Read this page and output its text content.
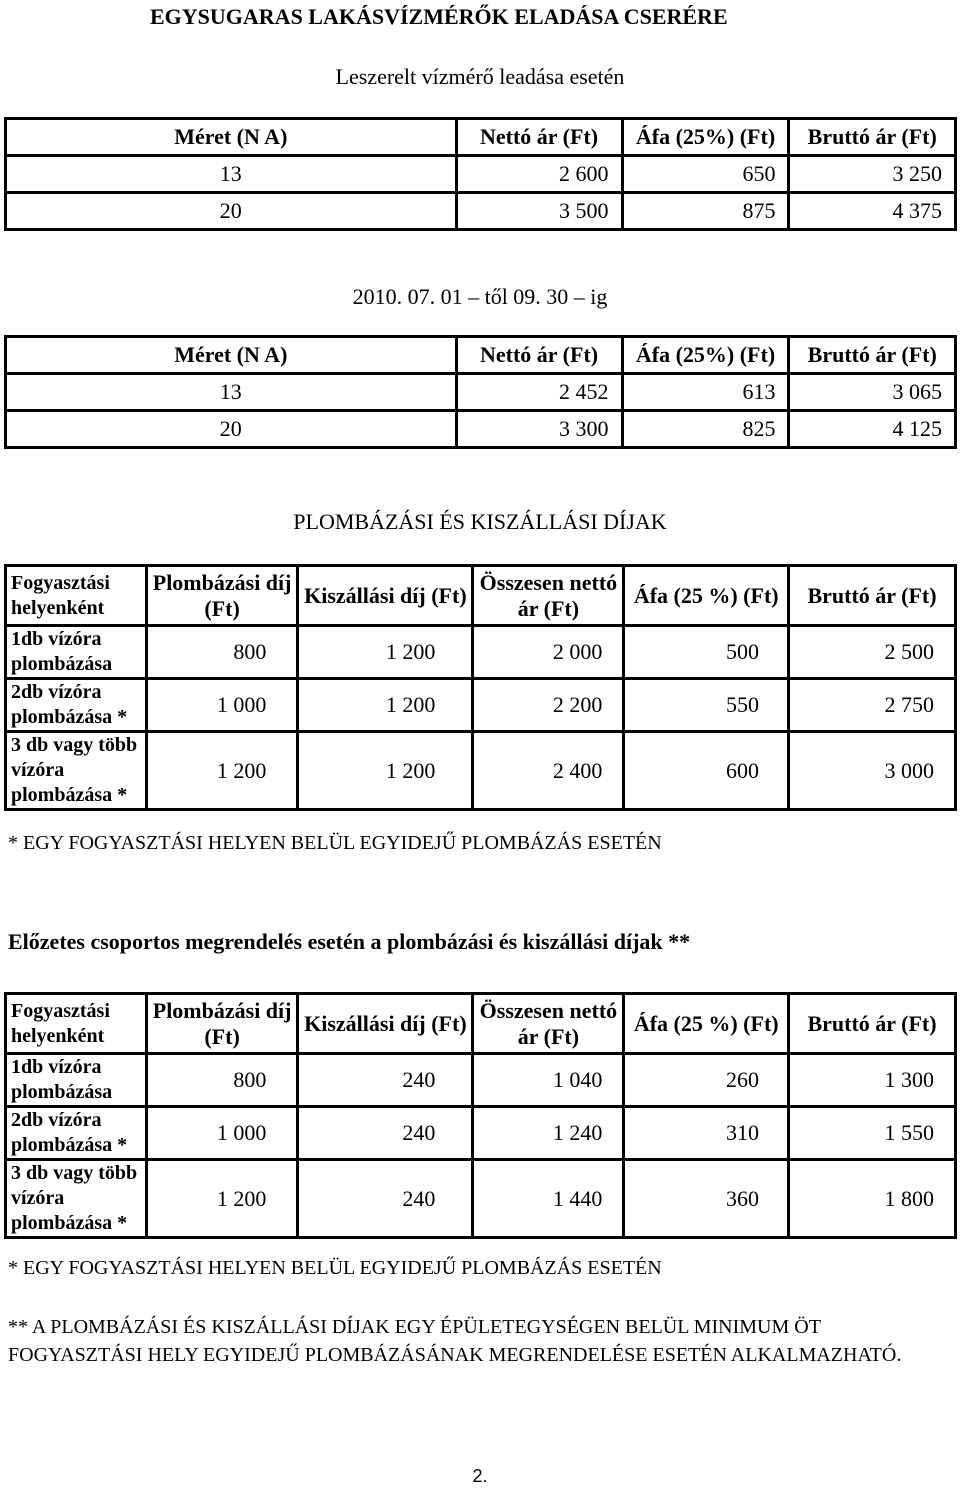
EGYSUGARAS LAKÁSVÍZMÉRŐK ELADÁSA CSERÉRE
Leszerelt vízmérő leadása esetén
Méret (N A)	Nettó ár (Ft)	Áfa (25%) (Ft)	Bruttó ár (Ft)
13	2 600	650	3 250
20	3 500	875	4 375
2010. 07. 01 – től 09. 30 – ig
Méret (N A)	Nettó ár (Ft)	Áfa (25%) (Ft)	Bruttó ár (Ft)
13	2 452	613	3 065
20	3 300	825	4 125
PLOMBÁZÁSI ÉS KISZÁLLÁSI DÍJAK
Fogyasztási helyenként	Plombázási díj (Ft)	Kiszállási díj (Ft)	Összesen nettó ár (Ft)	Áfa (25 %) (Ft)	Bruttó ár (Ft)
1db vízóra plombázása	800	1 200	2 000	500	2 500
2db vízóra plombázása *	1 000	1 200	2 200	550	2 750
3 db vagy több vízóra plombázása *	1 200	1 200	2 400	600	3 000
* EGY FOGYASZTÁSI HELYEN BELÜL EGYIDEJŰ PLOMBÁZÁS ESETÉN
Előzetes csoportos megrendelés esetén a plombázási és kiszállási díjak **
Fogyasztási helyenként	Plombázási díj (Ft)	Kiszállási díj (Ft)	Összesen nettó ár (Ft)	Áfa (25 %) (Ft)	Bruttó ár (Ft)
1db vízóra plombázása	800	240	1 040	260	1 300
2db vízóra plombázása *	1 000	240	1 240	310	1 550
3 db vagy több vízóra plombázása *	1 200	240	1 440	360	1 800
* EGY FOGYASZTÁSI HELYEN BELÜL EGYIDEJŰ PLOMBÁZÁS ESETÉN
** A PLOMBÁZÁSI ÉS KISZÁLLÁSI DÍJAK EGY ÉPÜLETEGYSÉGEN BELÜL MINIMUM ÖT FOGYASZTÁSI HELY EGYIDEJŰ PLOMBÁZÁSÁNAK MEGRENDELÉSE ESETÉN ALKALMAZHATÓ.
2.
